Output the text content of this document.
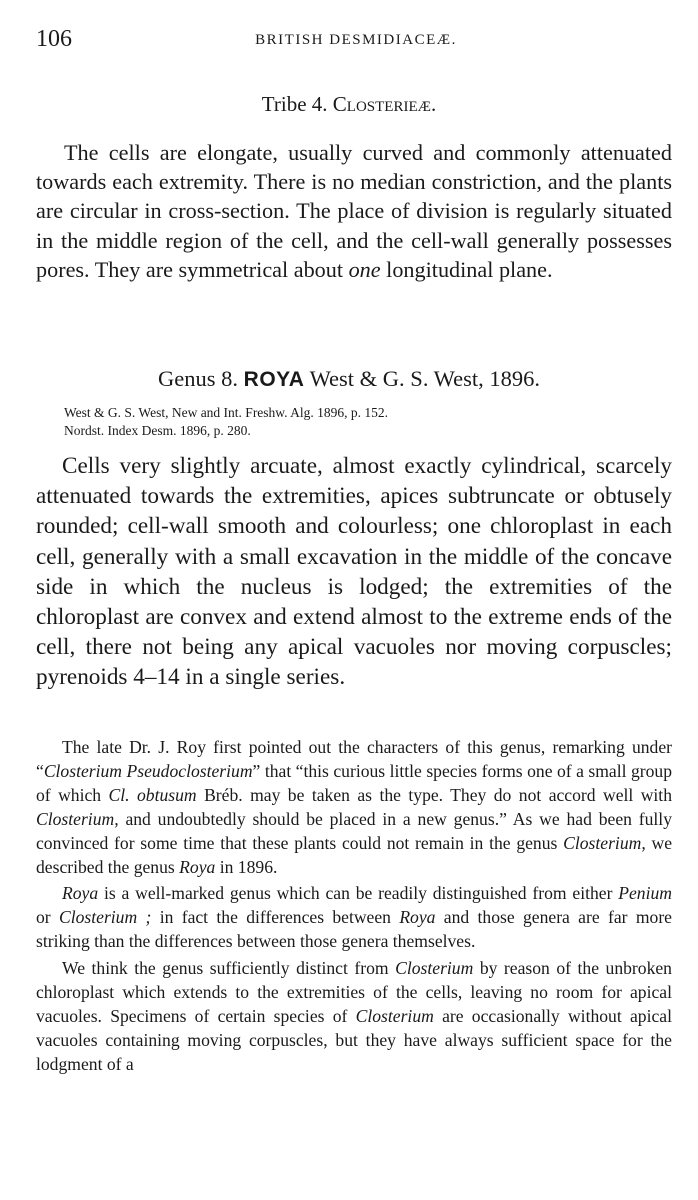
106	BRITISH DESMIDIACEÆ.
Tribe 4. Closterieæ.

The cells are elongate, usually curved and commonly attenuated towards each extremity. There is no median constriction, and the plants are circular in cross-section. The place of division is regularly situated in the middle region of the cell, and the cell-wall generally possesses pores. They are symmetrical about one longitudinal plane.

Genus 8. ROYA West & G. S. West, 1896.
West & G. S. West, New and Int. Freshw. Alg. 1896, p. 152.
Nordst. Index Desm. 1896, p. 280.

Cells very slightly arcuate, almost exactly cylindrical, scarcely attenuated towards the extremities, apices subtruncate or obtusely rounded; cell-wall smooth and colourless; one chloroplast in each cell, generally with a small excavation in the middle of the concave side in which the nucleus is lodged; the extremities of the chloroplast are convex and extend almost to the extreme ends of the cell, there not being any apical vacuoles nor moving corpuscles; pyrenoids 4–14 in a single series.

The late Dr. J. Roy first pointed out the characters of this genus, remarking under “Closterium Pseudoclosterium” that “this curious little species forms one of a small group of which Cl. obtusum Bréb. may be taken as the type. They do not accord well with Closterium, and undoubtedly should be placed in a new genus.” As we had been fully convinced for some time that these plants could not remain in the genus Closterium, we described the genus Roya in 1896.

Roya is a well-marked genus which can be readily distinguished from either Penium or Closterium ; in fact the differences between Roya and those genera are far more striking than the differences between those genera themselves.

We think the genus sufficiently distinct from Closterium by reason of the unbroken chloroplast which extends to the extremities of the cells, leaving no room for apical vacuoles. Specimens of certain species of Closterium are occasionally without apical vacuoles containing moving corpuscles, but they have always sufficient space for the lodgment of a
